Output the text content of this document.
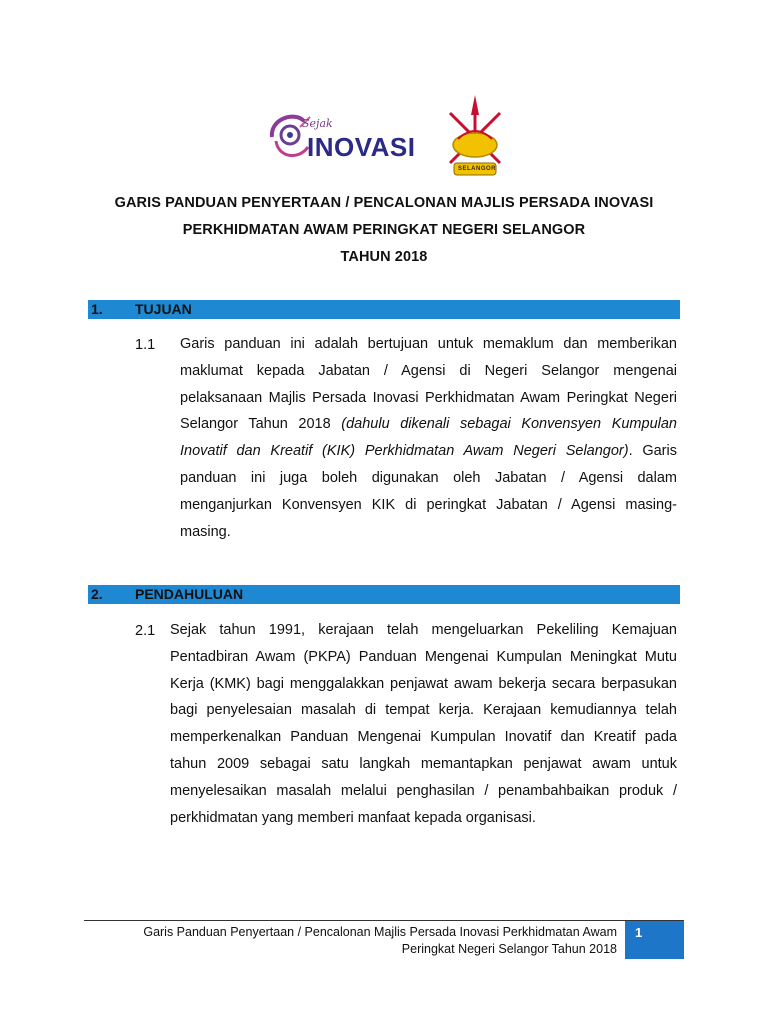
Sejak
INOVASI
SELANGOR
GARIS PANDUAN PENYERTAAN / PENCALONAN MAJLIS PERSADA INOVASI
PERKHIDMATAN AWAM PERINGKAT NEGERI SELANGOR
TAHUN 2018
1. TUJUAN
1.1 Garis panduan ini adalah bertujuan untuk memaklum dan memberikan maklumat kepada Jabatan / Agensi di Negeri Selangor mengenai pelaksanaan Majlis Persada Inovasi Perkhidmatan Awam Peringkat Negeri Selangor Tahun 2018 (dahulu dikenali sebagai Konvensyen Kumpulan Inovatif dan Kreatif (KIK) Perkhidmatan Awam Negeri Selangor). Garis panduan ini juga boleh digunakan oleh Jabatan / Agensi dalam menganjurkan Konvensyen KIK di peringkat Jabatan / Agensi masing-masing.
2. PENDAHULUAN
2.1 Sejak tahun 1991, kerajaan telah mengeluarkan Pekeliling Kemajuan Pentadbiran Awam (PKPA) Panduan Mengenai Kumpulan Meningkat Mutu Kerja (KMK) bagi menggalakkan penjawat awam bekerja secara berpasukan bagi penyelesaian masalah di tempat kerja. Kerajaan kemudiannya telah memperkenalkan Panduan Mengenai Kumpulan Inovatif dan Kreatif pada tahun 2009 sebagai satu langkah memantapkan penjawat awam untuk menyelesaikan masalah melalui penghasilan / penambahbaikan produk / perkhidmatan yang memberi manfaat kepada organisasi.
Garis Panduan Penyertaan / Pencalonan Majlis Persada Inovasi Perkhidmatan Awam
Peringkat Negeri Selangor Tahun 2018
1
